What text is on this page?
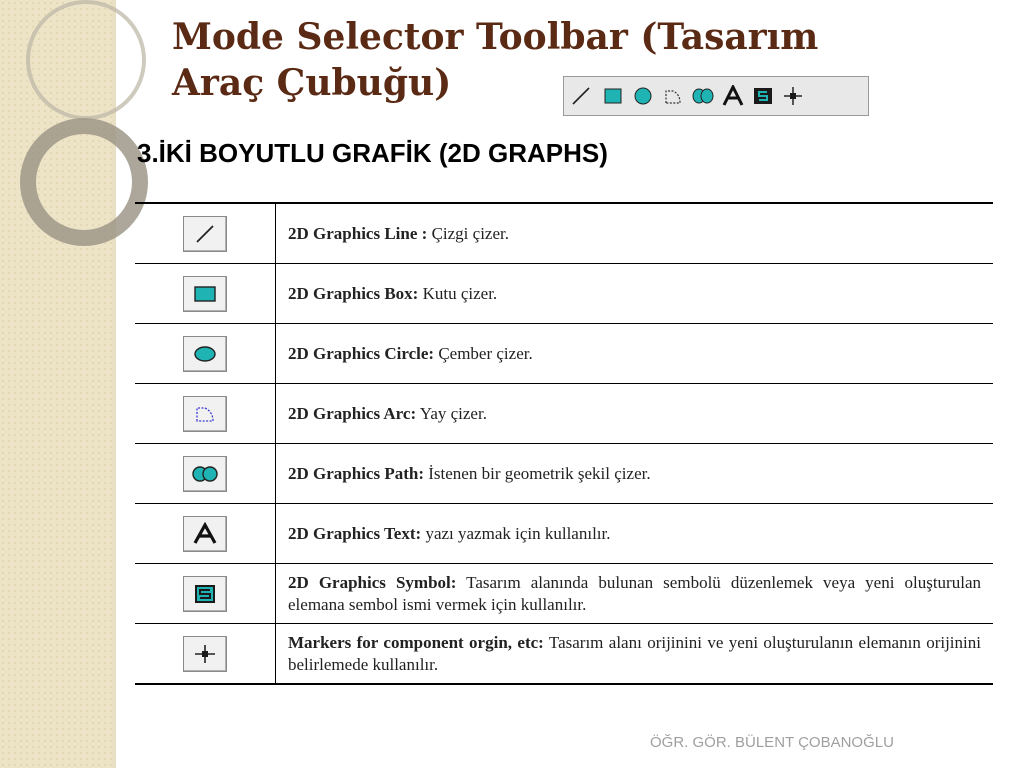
Mode Selector Toolbar (Tasarım
Araç Çubuğu)
3.İKİ BOYUTLU GRAFİK (2D GRAPHS)
	2D Graphics Line : Çizgi çizer.

	2D Graphics Box: Kutu çizer.

	2D Graphics Circle: Çember çizer.

	2D Graphics Arc: Yay çizer.

	2D Graphics Path: İstenen bir geometrik şekil çizer.

	2D Graphics Text: yazı yazmak için kullanılır.

	2D Graphics Symbol: Tasarım alanında bulunan sembolü düzenlemek veya yeni oluşturulan elemana sembol ismi vermek için kullanılır.

	Markers for component orgin, etc: Tasarım alanı orijinini ve yeni oluşturulanın elemanın orijinini belirlemede kullanılır.
ÖĞR. GÖR. BÜLENT ÇOBANOĞLU
